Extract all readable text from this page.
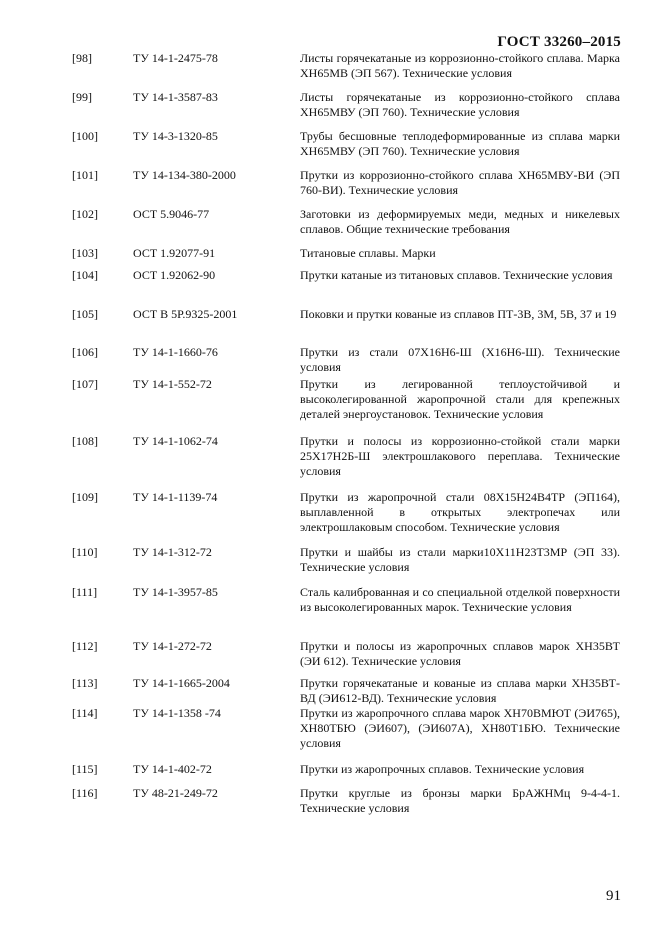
ГОСТ 33260–2015
[98]	ТУ 14-1-2475-78	Листы горячекатаные из коррозионно-стойкого сплава. Марка ХН65МВ (ЭП 567). Технические условия
[99]	ТУ 14-1-3587-83	Листы горячекатаные из коррозионно-стойкого сплава ХН65МВУ (ЭП 760). Технические условия
[100]	ТУ 14-3-1320-85	Трубы бесшовные теплодеформированные из сплава марки ХН65МВУ (ЭП 760). Технические условия
[101]	ТУ 14-134-380-2000	Прутки из коррозионно-стойкого сплава ХН65МВУ-ВИ (ЭП 760-ВИ). Технические условия
[102]	ОСТ 5.9046-77	Заготовки из деформируемых меди, медных и никелевых сплавов. Общие технические требования
[103]	ОСТ 1.92077-91	Титановые сплавы. Марки
[104]	ОСТ 1.92062-90	Прутки катаные из титановых сплавов. Технические условия
[105]	ОСТ В 5Р.9325-2001	Поковки и прутки кованые из сплавов ПТ-3В, 3М, 5В, 37 и 19
[106]	ТУ 14-1-1660-76	Прутки из стали 07Х16Н6-Ш (Х16Н6-Ш). Технические условия
[107]	ТУ 14-1-552-72	Прутки из легированной теплоустойчивой и высоколегированной жаропрочной стали для крепежных деталей энергоустановок. Технические условия
[108]	ТУ 14-1-1062-74	Прутки и полосы из коррозионно-стойкой стали марки 25Х17Н2Б-Ш электрошлакового переплава. Технические условия
[109]	ТУ 14-1-1139-74	Прутки из жаропрочной стали 08Х15Н24В4ТР (ЭП164), выплавленной в открытых электропечах или электрошлаковым способом. Технические условия
[110]	ТУ 14-1-312-72	Прутки и шайбы из стали марки10Х11Н23Т3МР (ЭП 33). Технические условия
[111]	ТУ 14-1-3957-85	Сталь калиброванная и со специальной отделкой поверхности из высоколегированных марок. Технические условия
[112]	ТУ 14-1-272-72	Прутки и полосы из жаропрочных сплавов марок ХН35ВТ (ЭИ 612). Технические условия
[113]	ТУ 14-1-1665-2004	Прутки горячекатаные и кованые из сплава марки ХН35ВТ-ВД (ЭИ612-ВД). Технические условия
[114]	ТУ 14-1-1358 -74	Прутки из жаропрочного сплава марок ХН70ВМЮТ (ЭИ765), ХН80ТБЮ (ЭИ607), (ЭИ607А), ХН80Т1БЮ. Технические условия
[115]	ТУ 14-1-402-72	Прутки из жаропрочных сплавов. Технические условия
[116]	ТУ 48-21-249-72	Прутки круглые из бронзы марки БрАЖНМц 9-4-4-1. Технические условия
91
